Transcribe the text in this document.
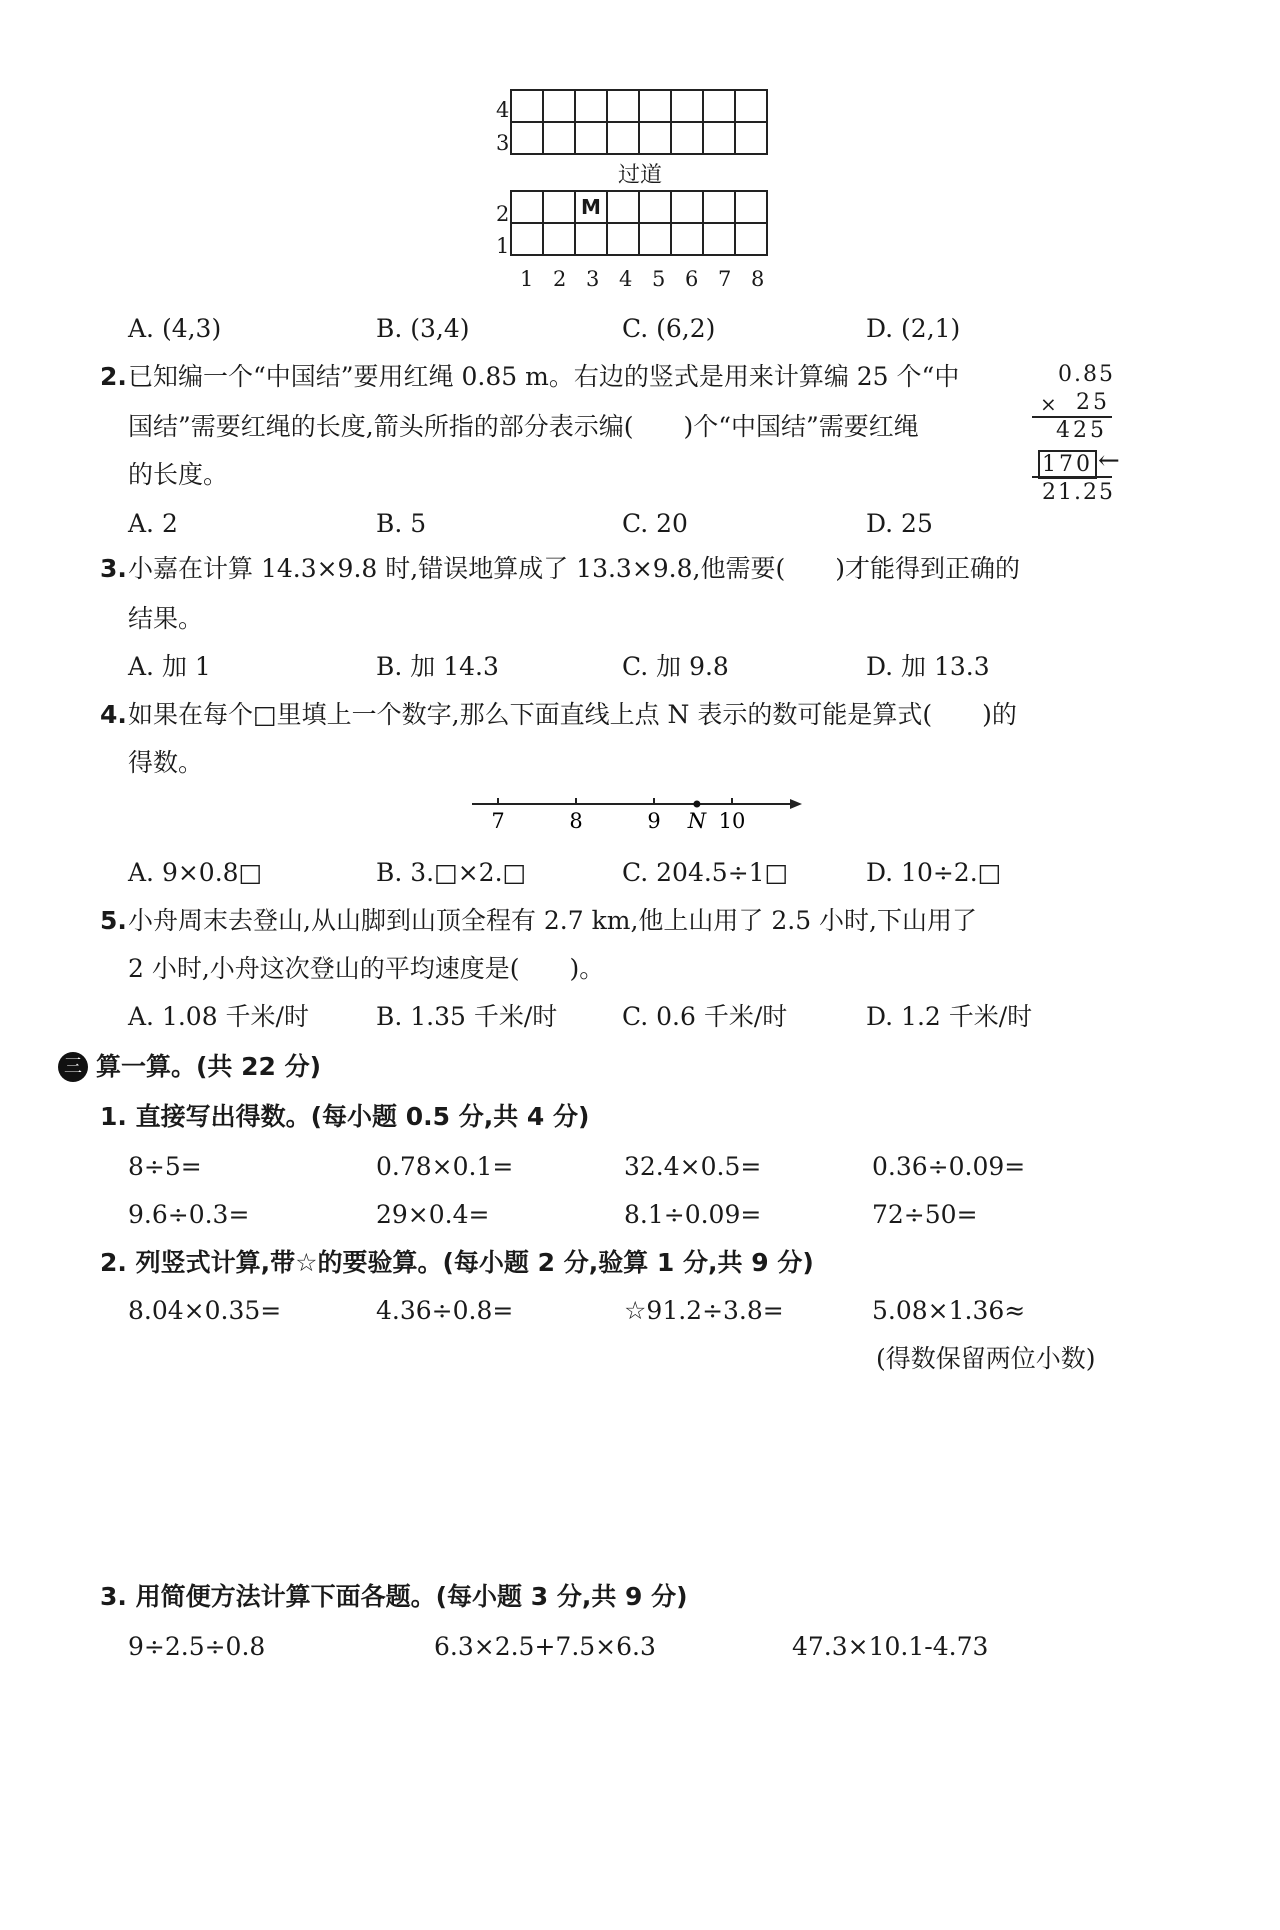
4
3

过道
2
1
		M					

1 2 3 4 5 6 7 8
A. (4,3)	B. (3,4)	C. (6,2)	D. (2,1)
2. 已知编一个“中国结”要用红绳 0.85 m。右边的竖式是用来计算编 25 个“中
国结”需要红绳的长度,箭头所指的部分表示编(　　)个“中国结”需要红绳
的长度。
0.85
× 25
425
170 ←
21.25
A. 2	B. 5	C. 20	D. 25
3. 小嘉在计算 14.3×9.8 时,错误地算成了 13.3×9.8,他需要(　　)才能得到正确的
结果。
A. 加 1	B. 加 14.3	C. 加 9.8	D. 加 13.3
4. 如果在每个□里填上一个数字,那么下面直线上点 N 表示的数可能是算式(　　)的
得数。
7	8	9	10
N
A. 9×0.8□	B. 3.□×2.□	C. 204.5÷1□	D. 10÷2.□
5. 小舟周末去登山,从山脚到山顶全程有 2.7 km,他上山用了 2.5 小时,下山用了
2 小时,小舟这次登山的平均速度是(　　)。
A. 1.08 千米/时	B. 1.35 千米/时	C. 0.6 千米/时	D. 1.2 千米/时
三 算一算。(共 22 分)
1. 直接写出得数。(每小题 0.5 分,共 4 分)
8÷5=	0.78×0.1=	32.4×0.5=	0.36÷0.09=
9.6÷0.3=	29×0.4=	8.1÷0.09=	72÷50=
2. 列竖式计算,带☆的要验算。(每小题 2 分,验算 1 分,共 9 分)
8.04×0.35=	4.36÷0.8=	☆91.2÷3.8=	5.08×1.36≈
(得数保留两位小数)
3. 用简便方法计算下面各题。(每小题 3 分,共 9 分)
9÷2.5÷0.8	6.3×2.5+7.5×6.3	47.3×10.1-4.73
